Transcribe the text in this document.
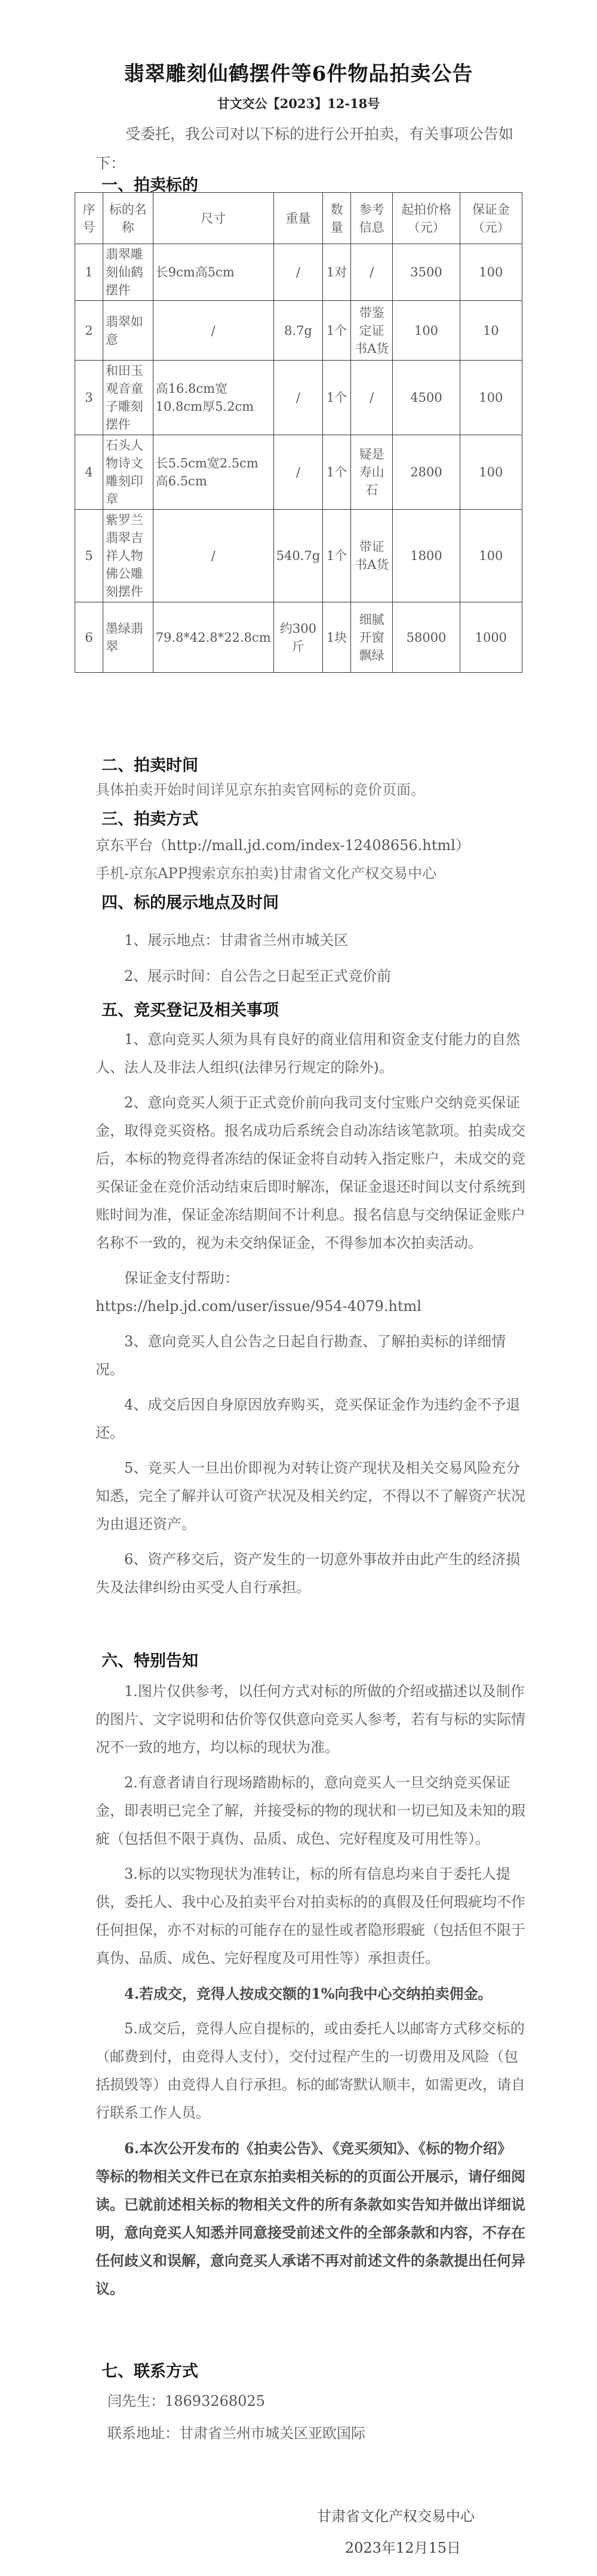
翡翠雕刻仙鹤摆件等6件物品拍卖公告
甘文交公【2023】12-18号

受委托，我公司对以下标的进行公开拍卖，有关事项公告如下：

一、拍卖标的
序号	标的名称	尺寸	重量	数量	参考信息	起拍价格（元）	保证金（元）
1	翡翠雕刻仙鹤摆件	长9cm高5cm	/	1对	/	3500	100
2	翡翠如意	/	8.7g	1个	带鉴定证书A货	100	10
3	和田玉观音童子雕刻摆件	高16.8cm宽10.8cm厚5.2cm	/	1个	/	4500	100
4	石头人物诗文雕刻印章	长5.5cm宽2.5cm高6.5cm	/	1个	疑是寿山石	2800	100
5	紫罗兰翡翠吉祥人物佛公雕刻摆件	/	540.7g	1个	带证书A货	1800	100
6	墨绿翡翠	79.8*42.8*22.8cm	约300斤	1块	细腻开窗飘绿	58000	1000
二、拍卖时间

具体拍卖开始时间详见京东拍卖官网标的竞价页面。

三、拍卖方式

京东平台（http://mall.jd.com/index-12408656.html）

手机-京东APP搜索京东拍卖)甘肃省文化产权交易中心

四、标的展示地点及时间

1、展示地点：甘肃省兰州市城关区

2、展示时间：自公告之日起至正式竞价前

五、竞买登记及相关事项

1、意向竞买人须为具有良好的商业信用和资金支付能力的自然人、法人及非法人组织(法律另行规定的除外)。

2、意向竞买人须于正式竞价前向我司支付宝账户交纳竞买保证金，取得竞买资格。报名成功后系统会自动冻结该笔款项。拍卖成交后，本标的物竞得者冻结的保证金将自动转入指定账户，未成交的竞买保证金在竞价活动结束后即时解冻，保证金退还时间以支付系统到账时间为准，保证金冻结期间不计利息。报名信息与交纳保证金账户名称不一致的，视为未交纳保证金，不得参加本次拍卖活动。

保证金支付帮助：

https://help.jd.com/user/issue/954-4079.html

3、意向竞买人自公告之日起自行勘查、了解拍卖标的详细情况。

4、成交后因自身原因放弃购买，竞买保证金作为违约金不予退还。

5、竞买人一旦出价即视为对转让资产现状及相关交易风险充分知悉，完全了解并认可资产状况及相关约定，不得以不了解资产状况为由退还资产。

6、资产移交后，资产发生的一切意外事故并由此产生的经济损失及法律纠纷由买受人自行承担。

六、特别告知

1.图片仅供参考，以任何方式对标的所做的介绍或描述以及制作的图片、文字说明和估价等仅供意向竞买人参考，若有与标的实际情况不一致的地方，均以标的现状为准。

2.有意者请自行现场踏勘标的，意向竞买人一旦交纳竞买保证金，即表明已完全了解，并接受标的物的现状和一切已知及未知的瑕疵（包括但不限于真伪、品质、成色、完好程度及可用性等）。

3.标的以实物现状为准转让，标的所有信息均来自于委托人提供，委托人、我中心及拍卖平台对拍卖标的的真假及任何瑕疵均不作任何担保，亦不对标的可能存在的显性或者隐形瑕疵（包括但不限于真伪、品质、成色、完好程度及可用性等）承担责任。

4.若成交，竞得人按成交额的1%向我中心交纳拍卖佣金。

5.成交后，竞得人应自提标的，或由委托人以邮寄方式移交标的（邮费到付，由竞得人支付），交付过程产生的一切费用及风险（包括损毁等）由竞得人自行承担。标的邮寄默认顺丰，如需更改，请自行联系工作人员。

6.本次公开发布的《拍卖公告》、《竞买须知》、《标的物介绍》等标的物相关文件已在京东拍卖相关标的的页面公开展示，请仔细阅读。已就前述相关标的物相关文件的所有条款如实告知并做出详细说明，意向竞买人知悉并同意接受前述文件的全部条款和内容，不存在任何歧义和误解，意向竞买人承诺不再对前述文件的条款提出任何异议。

七、联系方式

闫先生：18693268025

联系地址：甘肃省兰州市城关区亚欧国际

甘肃省文化产权交易中心
2023年12月15日
